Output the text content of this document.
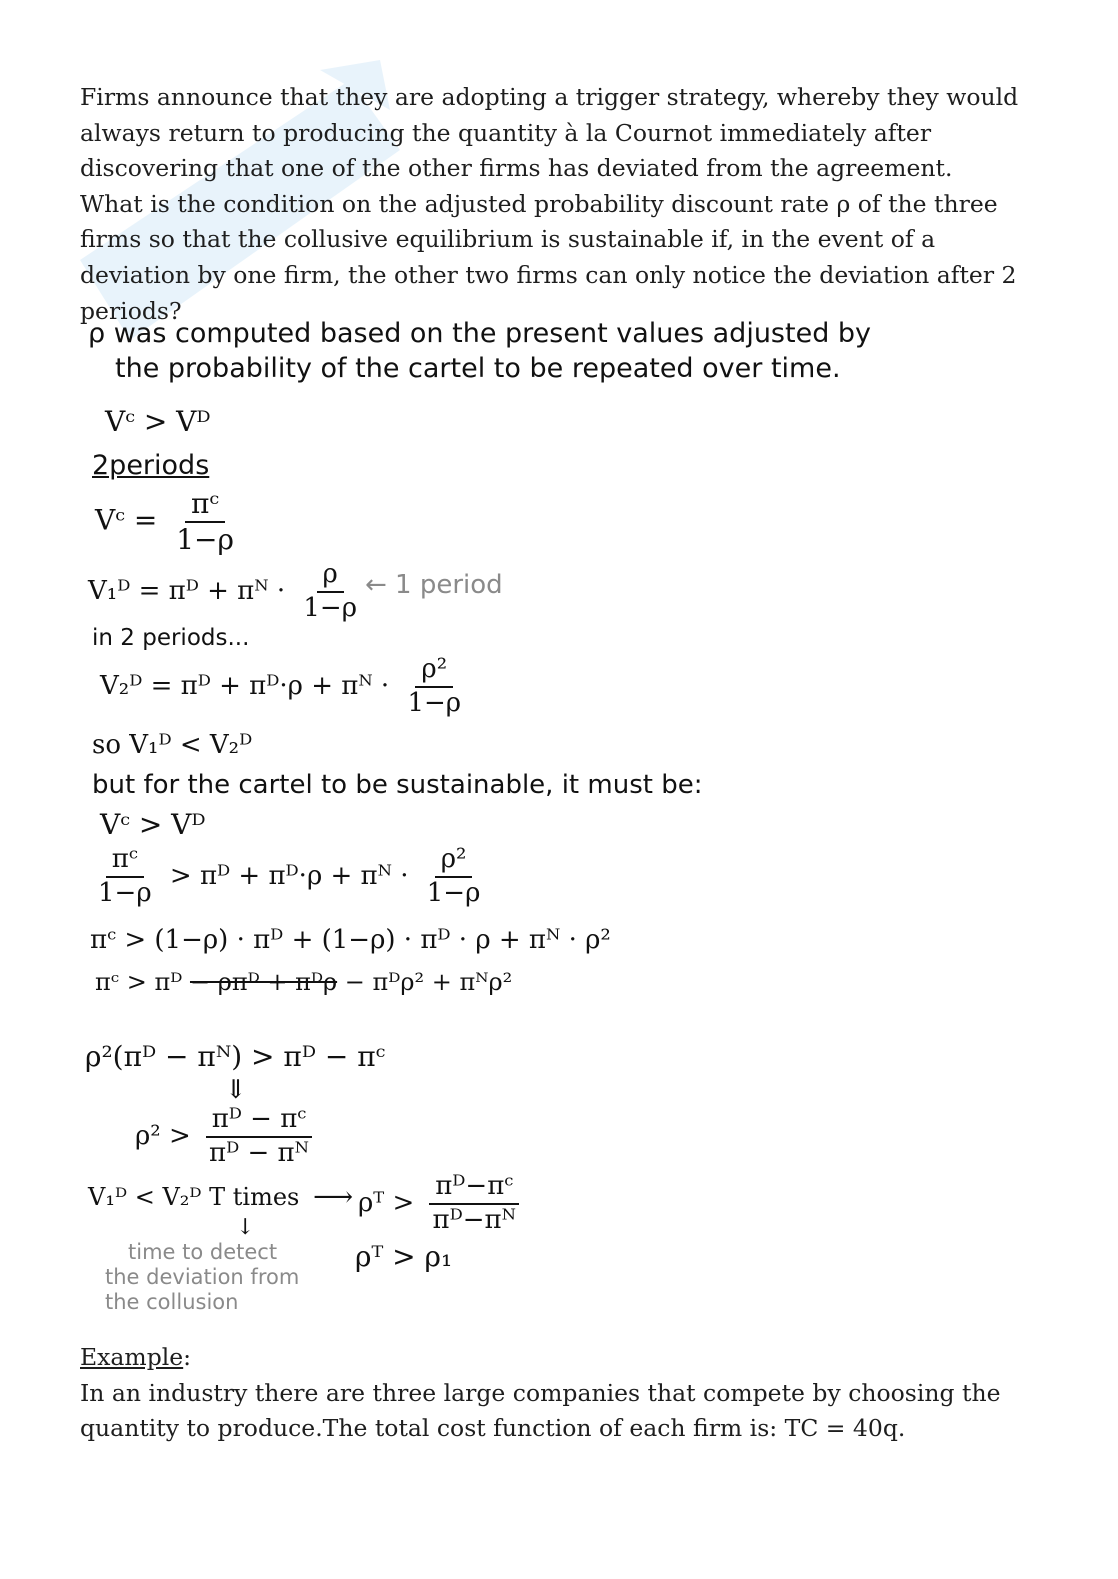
Firms announce that they are adopting a trigger strategy, whereby they would always return to producing the quantity à la Cournot immediately after discovering that one of the other firms has deviated from the agreement.

What is the condition on the adjusted probability discount rate ρ of the three firms so that the collusive equilibrium is sustainable if, in the event of a deviation by one firm, the other two firms can only notice the deviation after 2 periods?

ρ was computed based on the present values adjusted by
the probability of the cartel to be repeated over time.
Vᶜ > Vᴰ
2periods
Vᶜ = $\frac{\text{πᶜ}}{1-\rho}$
V₁ᴰ = πᴰ + πᴺ · $\frac{\rho}{1-\rho}$ ← 1 period
in 2 periods...
V₂ᴰ = πᴰ + πᴰ·ρ + πᴺ · $\frac{\text{ρ²}}{1-\rho}$
so V₁ᴰ < V₂ᴰ
but for the cartel to be sustainable, it must be:
Vᶜ > Vᴰ
$\frac{\text{πᶜ}}{1-\rho}$ > πᴰ + πᴰ·ρ + πᴺ · $\frac{\text{ρ²}}{1-\rho}$
πᶜ > (1−ρ) · πᴰ + (1−ρ) · πᴰ · ρ + πᴺ · ρ²
πᶜ > πᴰ − ρπᴰ + πᴰρ − πᴰρ² + πᴺρ²
ρ²(πᴰ − πᴺ) > πᴰ − πᶜ
⇓
$\rho^2 > \frac{\text{πᴰ − πᶜ}}{\text{πᴰ − πᴺ}}$
V₁ᴰ < V₂ᴰ T times ⟶ ρᵀ > $\frac{\text{πᴰ−πᶜ}}{\text{πᴰ−πᴺ}}$
↓
time to detect
the deviation from
the collusion
ρᵀ > ρ₁

Example:

In an industry there are three large companies that compete by choosing the quantity to produce.The total cost function of each firm is: TC = 40q.
